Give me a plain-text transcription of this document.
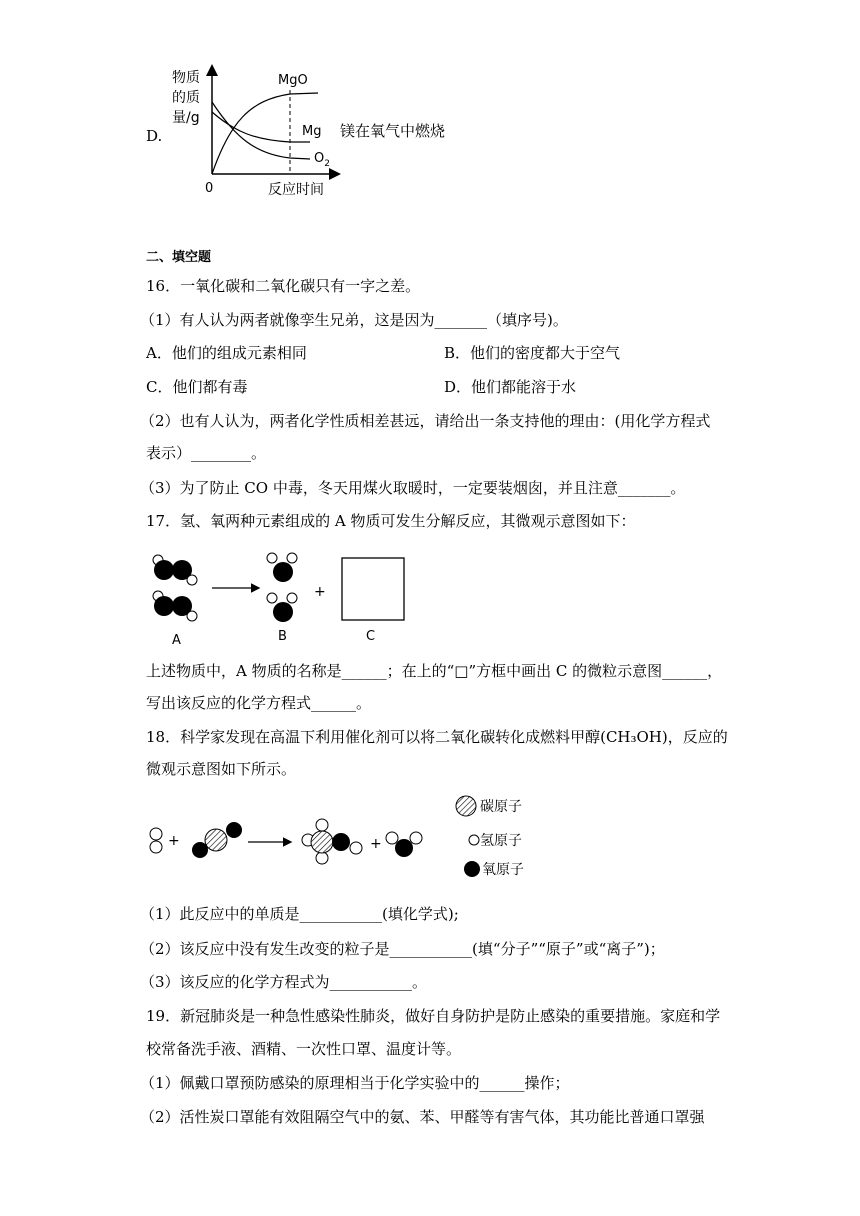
D.
物质
的质
量/g
0	反应时间
MgO
Mg
$O_2$
镁在氧气中燃烧
二、填空题
16．一氧化碳和二氧化碳只有一字之差。
（1）有人认为两者就像孪生兄弟，这是因为_______（填序号)。
A．他们的组成元素相同	B．他们的密度都大于空气
C．他们都有毒	D．他们都能溶于水
（2）也有人认为，两者化学性质相差甚远，请给出一条支持他的理由：(用化学方程式
表示）________。
（3）为了防止 CO 中毒，冬天用煤火取暖时，一定要装烟囱，并且注意_______。
17．氢、氧两种元素组成的 A 物质可发生分解反应，其微观示意图如下：
A	B
+
C
上述物质中，A 物质的名称是______；在上的“□”方框中画出 C 的微粒示意图______，
写出该反应的化学方程式______。
18．科学家发现在高温下利用催化剂可以将二氧化碳转化成燃料甲醇(CH₃OH)，反应的
微观示意图如下所示。
+	+
碳原子
氢原子
氧原子
（1）此反应中的单质是___________(填化学式);
（2）该反应中没有发生改变的粒子是___________(填“分子”“原子”或“离子”)；
（3）该反应的化学方程式为___________。
19．新冠肺炎是一种急性感染性肺炎，做好自身防护是防止感染的重要措施。家庭和学
校常备洗手液、酒精、一次性口罩、温度计等。
（1）佩戴口罩预防感染的原理相当于化学实验中的______操作；
（2）活性炭口罩能有效阻隔空气中的氨、苯、甲醛等有害气体，其功能比普通口罩强
